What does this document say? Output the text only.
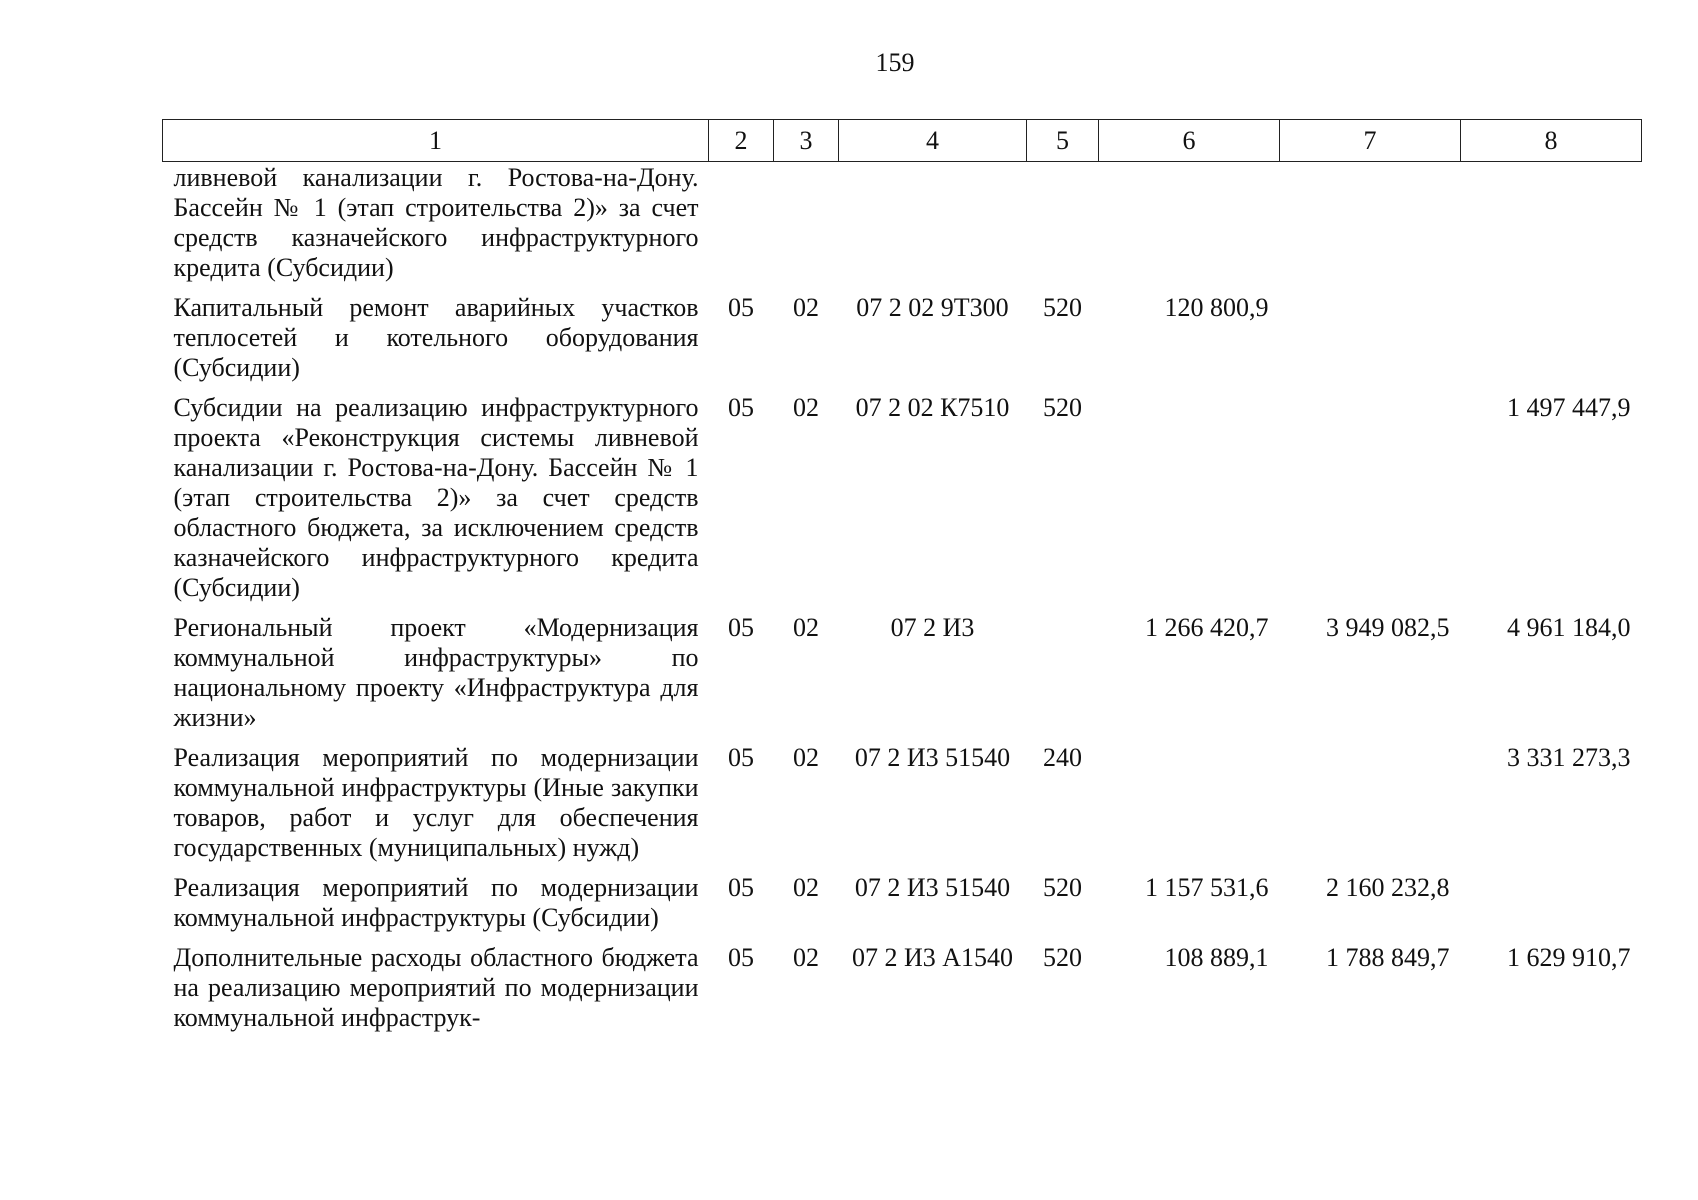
159
1	2	3	4	5	6	7	8
ливневой канализации г. Ростова-на-Дону. Бассейн № 1 (этап строительства 2)» за счет средств казначейского инфраструктурного кредита (Субсидии)							
Капитальный ремонт аварийных участков теплосетей и котельного оборудования (Субсидии)	05	02	07 2 02 9Т300	520	120 800,9		
Субсидии на реализацию инфраструктурного проекта «Реконструкция системы ливневой канализации г. Ростова-на-Дону. Бассейн № 1 (этап строительства 2)» за счет средств областного бюджета, за исключением средств казначейского инфраструктурного кредита (Субсидии)	05	02	07 2 02 К7510	520			1 497 447,9
Региональный проект «Модернизация коммунальной инфраструктуры» по национальному проекту «Инфраструктура для жизни»	05	02	07 2 И3		1 266 420,7	3 949 082,5	4 961 184,0
Реализация мероприятий по модернизации коммунальной инфраструктуры (Иные закупки товаров, работ и услуг для обеспечения государственных (муниципальных) нужд)	05	02	07 2 И3 51540	240			3 331 273,3
Реализация мероприятий по модернизации коммунальной инфраструктуры (Субсидии)	05	02	07 2 И3 51540	520	1 157 531,6	2 160 232,8	
Дополнительные расходы областного бюджета на реализацию мероприятий по модернизации коммунальной инфраструк-	05	02	07 2 И3 А1540	520	108 889,1	1 788 849,7	1 629 910,7
